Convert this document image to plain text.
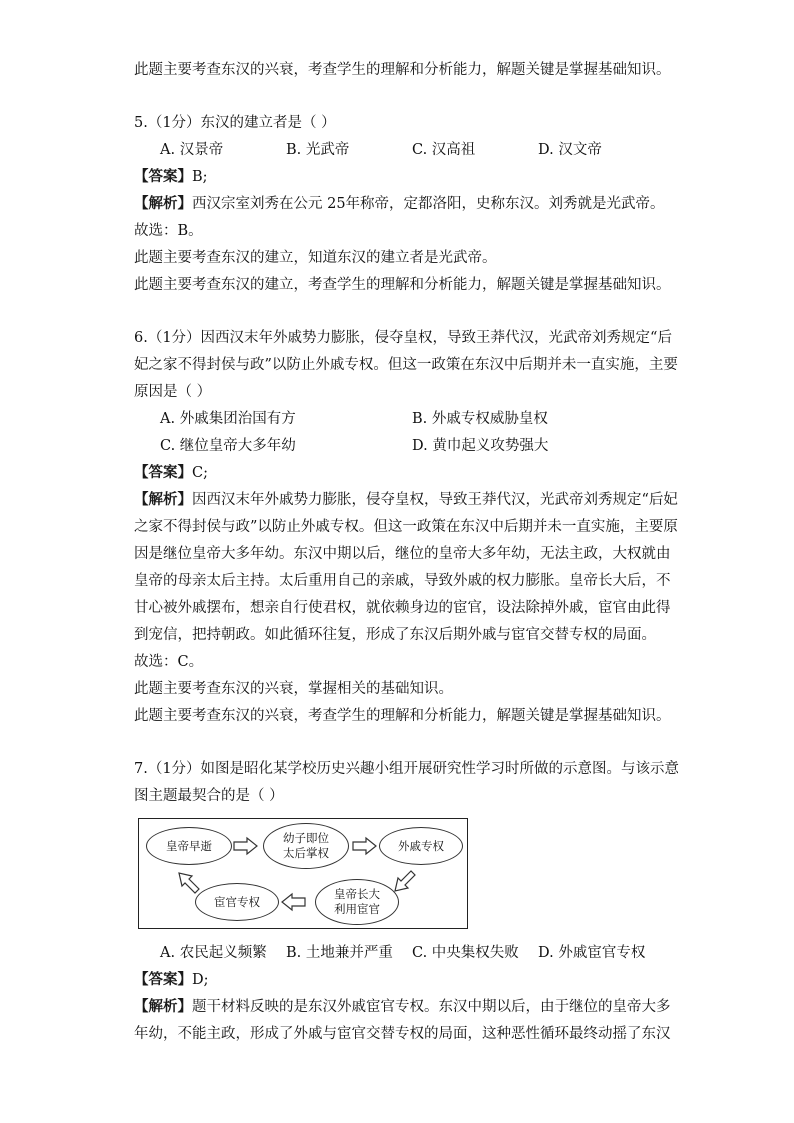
此题主要考查东汉的兴衰，考查学生的理解和分析能力，解题关键是掌握基础知识。
5.（1分）东汉的建立者是（ ）
A. 汉景帝	B. 光武帝	C. 汉高祖	D. 汉文帝
【答案】B;
【解析】西汉宗室刘秀在公元 25年称帝，定都洛阳，史称东汉。刘秀就是光武帝。
故选：B。
此题主要考查东汉的建立，知道东汉的建立者是光武帝。
此题主要考查东汉的建立，考查学生的理解和分析能力，解题关键是掌握基础知识。
6.（1分）因西汉末年外戚势力膨胀，侵夺皇权，导致王莽代汉，光武帝刘秀规定“后
妃之家不得封侯与政”以防止外戚专权。但这一政策在东汉中后期并未一直实施，主要
原因是（ ）
A. 外戚集团治国有方	B. 外戚专权威胁皇权
C. 继位皇帝大多年幼	D. 黄巾起义攻势强大
【答案】C;
【解析】因西汉末年外戚势力膨胀，侵夺皇权，导致王莽代汉，光武帝刘秀规定“后妃
之家不得封侯与政”以防止外戚专权。但这一政策在东汉中后期并未一直实施，主要原
因是继位皇帝大多年幼。东汉中期以后，继位的皇帝大多年幼，无法主政，大权就由
皇帝的母亲太后主持。太后重用自己的亲戚，导致外戚的权力膨胀。皇帝长大后，不
甘心被外戚摆布，想亲自行使君权，就依赖身边的宦官，设法除掉外戚，宦官由此得
到宠信，把持朝政。如此循环往复，形成了东汉后期外戚与宦官交替专权的局面。
故选：C。
此题主要考查东汉的兴衰，掌握相关的基础知识。
此题主要考查东汉的兴衰，考查学生的理解和分析能力，解题关键是掌握基础知识。
7.（1分）如图是昭化某学校历史兴趣小组开展研究性学习时所做的示意图。与该示意
图主题最契合的是（ ）
皇帝早逝
幼子即位
太后掌权
外戚专权
皇帝长大
利用宦官
宦官专权
A. 农民起义频繁 B. 土地兼并严重 C. 中央集权失败 D. 外戚宦官专权
【答案】D;
【解析】题干材料反映的是东汉外戚宦官专权。东汉中期以后，由于继位的皇帝大多
年幼，不能主政，形成了外戚与宦官交替专权的局面，这种恶性循环最终动摇了东汉
